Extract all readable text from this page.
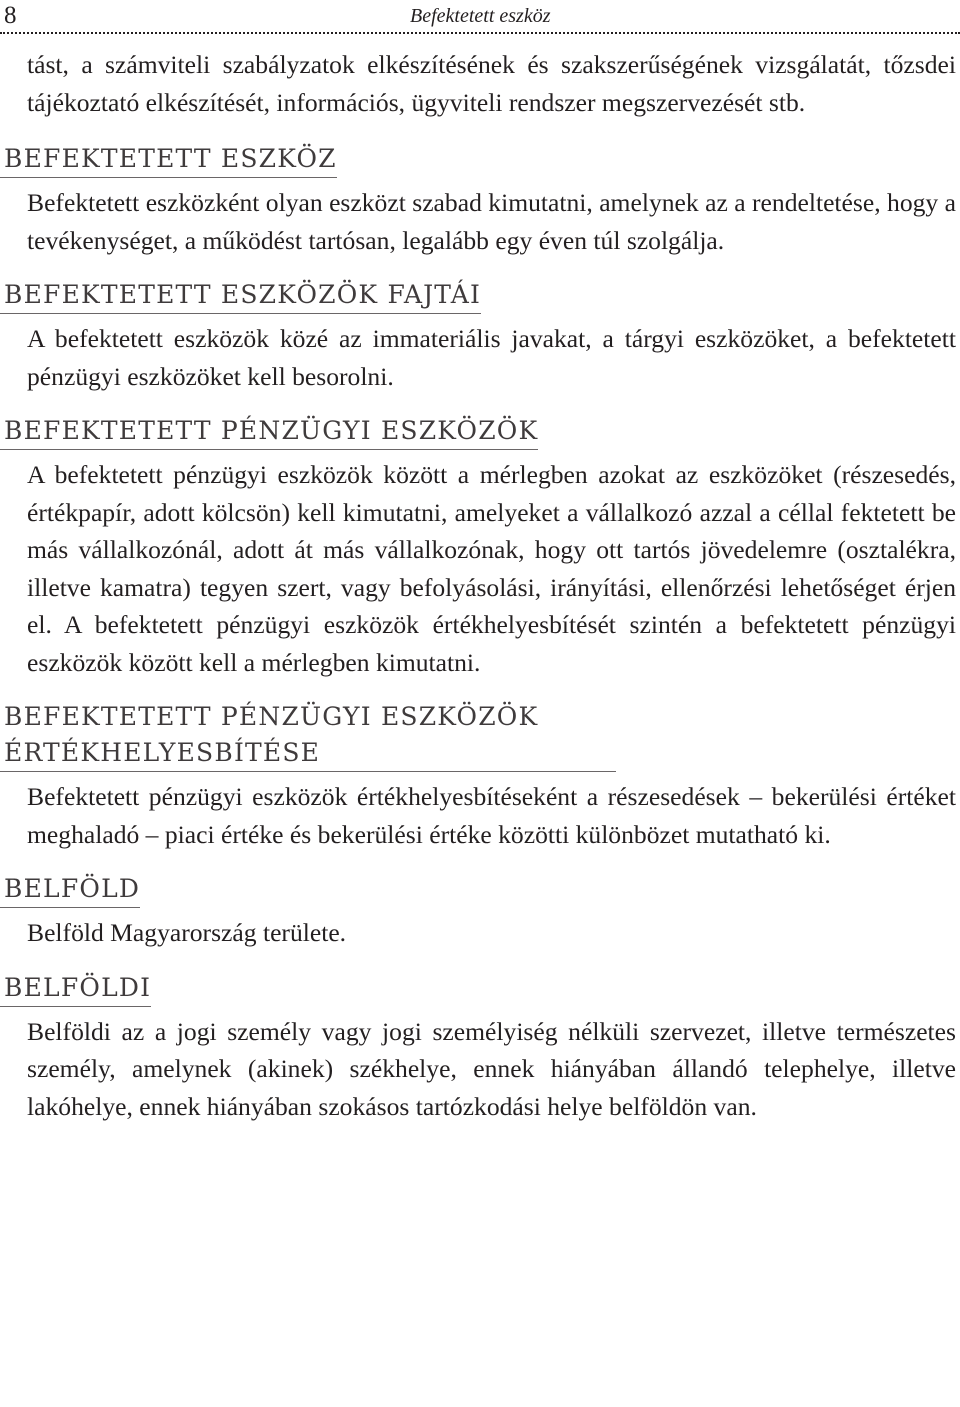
8	Befektetett eszköz

tást, a számviteli szabályzatok elkészítésének és szakszerűségének vizsgálatát, tőzsdei tájékoztató elkészítését, információs, ügyviteli rendszer megszervezését stb.

BEFEKTETETT ESZKÖZ

Befektetett eszközként olyan eszközt szabad kimutatni, amelynek az a rendeltetése, hogy a tevékenységet, a működést tartósan, legalább egy éven túl szolgálja.

BEFEKTETETT ESZKÖZÖK FAJTÁI

A befektetett eszközök közé az immateriális javakat, a tárgyi eszközöket, a befektetett pénzügyi eszközöket kell besorolni.

BEFEKTETETT PÉNZÜGYI ESZKÖZÖK

A befektetett pénzügyi eszközök között a mérlegben azokat az eszközöket (részesedés, értékpapír, adott kölcsön) kell kimutatni, amelyeket a vállalkozó azzal a céllal fektetett be más vállalkozónál, adott át más vállalkozónak, hogy ott tartós jövedelemre (osztalékra, illetve kamatra) tegyen szert, vagy befolyásolási, irányítási, ellenőrzési lehetőséget érjen el. A befektetett pénzügyi eszközök értékhelyesbítését szintén a befektetett pénzügyi eszközök között kell a mérlegben kimutatni.

BEFEKTETETT PÉNZÜGYI ESZKÖZÖK
ÉRTÉKHELYESBÍTÉSE

Befektetett pénzügyi eszközök értékhelyesbítéseként a részesedések – bekerülési értéket meghaladó – piaci értéke és bekerülési értéke közötti különbözet mutatható ki.

BELFÖLD

Belföld Magyarország területe.

BELFÖLDI

Belföldi az a jogi személy vagy jogi személyiség nélküli szervezet, illetve természetes személy, amelynek (akinek) székhelye, ennek hiányában állandó telephelye, illetve lakóhelye, ennek hiányában szokásos tartózkodási helye belföldön van.
